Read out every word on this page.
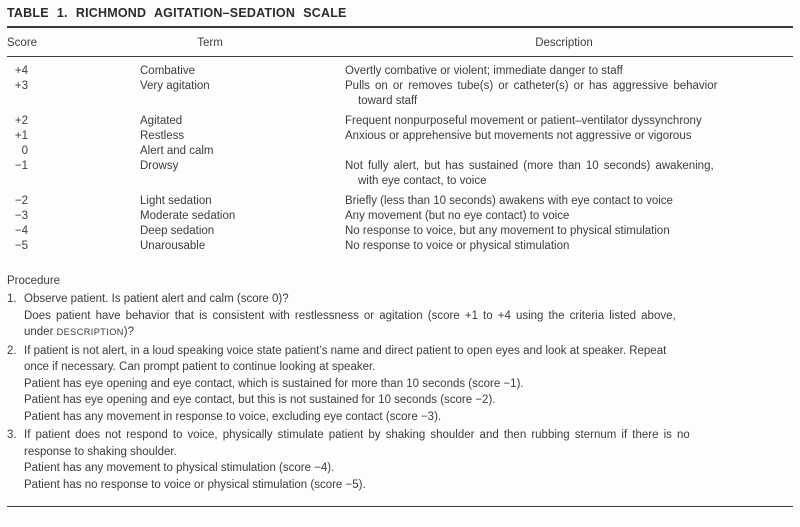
TABLE 1. RICHMOND AGITATION–SEDATION SCALE
Score	Term	Description
+4	Combative	Overtly combative or violent; immediate danger to staff
+3	Very agitation	Pulls on or removes tube(s) or catheter(s) or has aggressive behavior
toward staff
+2	Agitated	Frequent nonpurposeful movement or patient–ventilator dyssynchrony
+1	Restless	Anxious or apprehensive but movements not aggressive or vigorous
0	Alert and calm
−1	Drowsy	Not fully alert, but has sustained (more than 10 seconds) awakening,
with eye contact, to voice
−2	Light sedation	Briefly (less than 10 seconds) awakens with eye contact to voice
−3	Moderate sedation	Any movement (but no eye contact) to voice
−4	Deep sedation	No response to voice, but any movement to physical stimulation
−5	Unarousable	No response to voice or physical stimulation
Procedure
1. Observe patient. Is patient alert and calm (score 0)?
Does patient have behavior that is consistent with restlessness or agitation (score +1 to +4 using the criteria listed above,
under DESCRIPTION)?
2. If patient is not alert, in a loud speaking voice state patient’s name and direct patient to open eyes and look at speaker. Repeat
once if necessary. Can prompt patient to continue looking at speaker.
Patient has eye opening and eye contact, which is sustained for more than 10 seconds (score −1).
Patient has eye opening and eye contact, but this is not sustained for 10 seconds (score −2).
Patient has any movement in response to voice, excluding eye contact (score −3).
3. If patient does not respond to voice, physically stimulate patient by shaking shoulder and then rubbing sternum if there is no
response to shaking shoulder.
Patient has any movement to physical stimulation (score −4).
Patient has no response to voice or physical stimulation (score −5).
